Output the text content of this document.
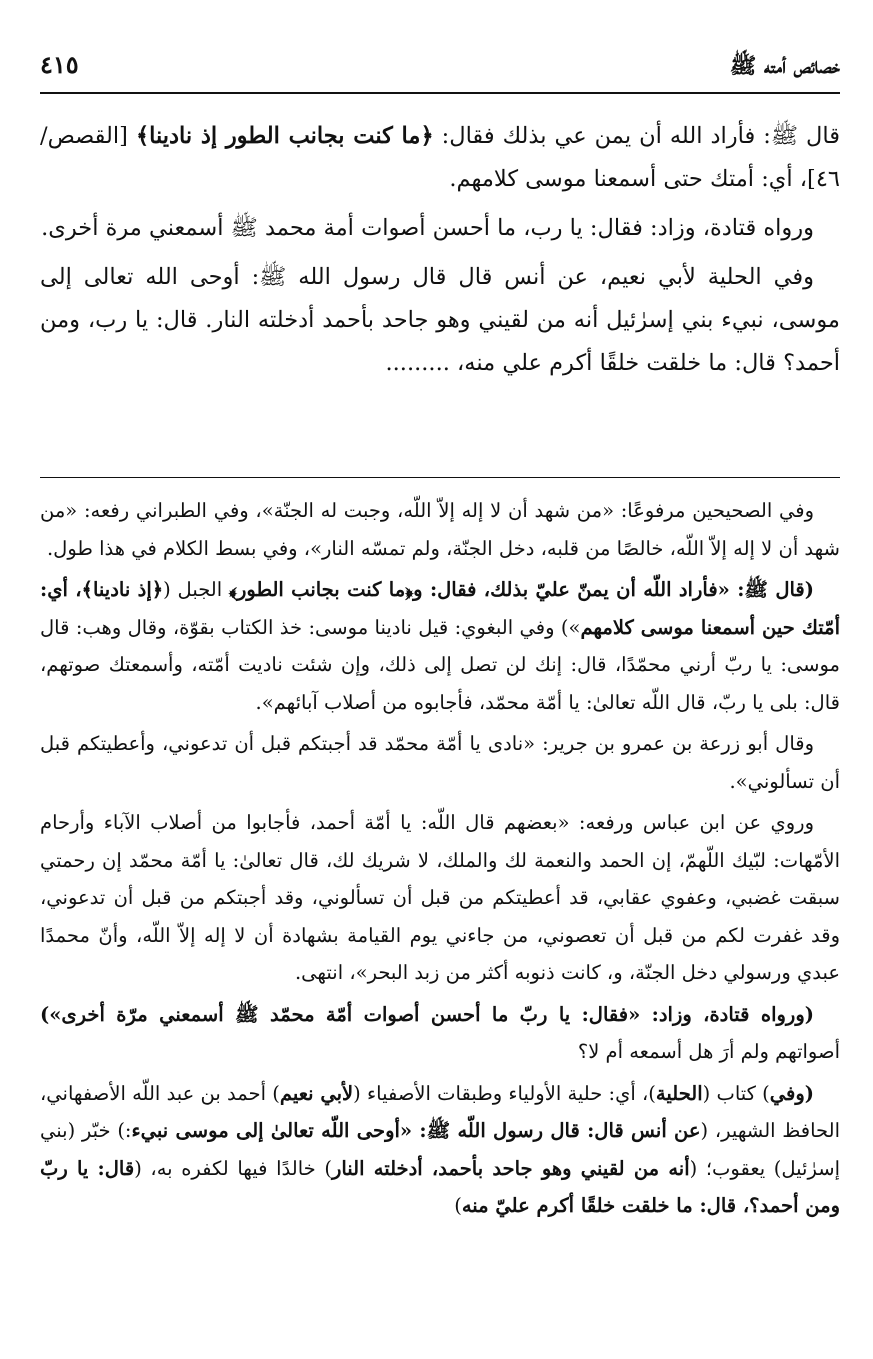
خصائص أمته ﷺ
٤١٥

قال ﷺ: فأراد الله أن يمن عي بذلك فقال: ﴿ما كنت بجانب الطور إذ نادينا﴾ [القصص/٤٦]، أي: أمتك حتى أسمعنا موسى كلامهم.

ورواه قتادة، وزاد: فقال: يا رب، ما أحسن أصوات أمة محمد ﷺ أسمعني مرة أخرى.

وفي الحلية لأبي نعيم، عن أنس قال قال رسول الله ﷺ: أوحى الله تعالى إلى موسى، نبيء بني إسرٰئيل أنه من لقيني وهو جاحد بأحمد أدخلته النار. قال: يا رب، ومن أحمد؟ قال: ما خلقت خلقًا أكرم علي منه، .........

وفي الصحيحين مرفوعًا: «من شهد أن لا إله إلاّ اللّه، وجبت له الجنّة»، وفي الطبراني رفعه: «من شهد أن لا إله إلاّ اللّه، خالصًا من قلبه، دخل الجنّة، ولم تمسّه النار»، وفي بسط الكلام في هذا طول.

(قال ﷺ: «فأراد اللّه أن يمنّ عليّ بذلك، فقال: و﴿ما كنت بجانب الطور﴾ الجبل (﴿إذ نادينا﴾، أي: أمّتك حين أسمعنا موسى كلامهم») وفي البغوي: قيل نادينا موسى: خذ الكتاب بقوّة، وقال وهب: قال موسى: يا ربّ أرني محمّدًا، قال: إنك لن تصل إلى ذلك، وإن شئت ناديت أمّته، وأسمعتك صوتهم، قال: بلى يا ربّ، قال اللّه تعالىٰ: يا أمّة محمّد، فأجابوه من أصلاب آبائهم».

وقال أبو زرعة بن عمرو بن جرير: «نادى يا أمّة محمّد قد أجبتكم قبل أن تدعوني، وأعطيتكم قبل أن تسألوني».

وروي عن ابن عباس ورفعه: «بعضهم قال اللّه: يا أمّة أحمد، فأجابوا من أصلاب الآباء وأرحام الأمّهات: لبّيك اللّهمّ، إن الحمد والنعمة لك والملك، لا شريك لك، قال تعالىٰ: يا أمّة محمّد إن رحمتي سبقت غضبي، وعفوي عقابي، قد أعطيتكم من قبل أن تسألوني، وقد أجبتكم من قبل أن تدعوني، وقد غفرت لكم من قبل أن تعصوني، من جاءني يوم القيامة بشهادة أن لا إله إلاّ اللّه، وأنّ محمدًا عبدي ورسولي دخل الجنّة، و، كانت ذنوبه أكثر من زبد البحر»، انتهى.

(ورواه قتادة، وزاد: «فقال: يا ربّ ما أحسن أصوات أمّة محمّد ﷺ أسمعني مرّة أخرى») أصواتهم ولم أرَ هل أسمعه أم لا؟

(وفي) كتاب (الحلية)، أي: حلية الأولياء وطبقات الأصفياء (لأبي نعيم) أحمد بن عبد اللّه الأصفهاني، الحافظ الشهير، (عن أنس قال: قال رسول اللّه ﷺ: «أوحى اللّه تعالىٰ إلى موسى نبيء:) خبّر (بني إسرٰئيل) يعقوب؛ (أنه من لقيني وهو جاحد بأحمد، أدخلته النار) خالدًا فيها لكفره به، (قال: يا ربّ ومن أحمد؟، قال: ما خلقت خلقًا أكرم عليّ منه)
